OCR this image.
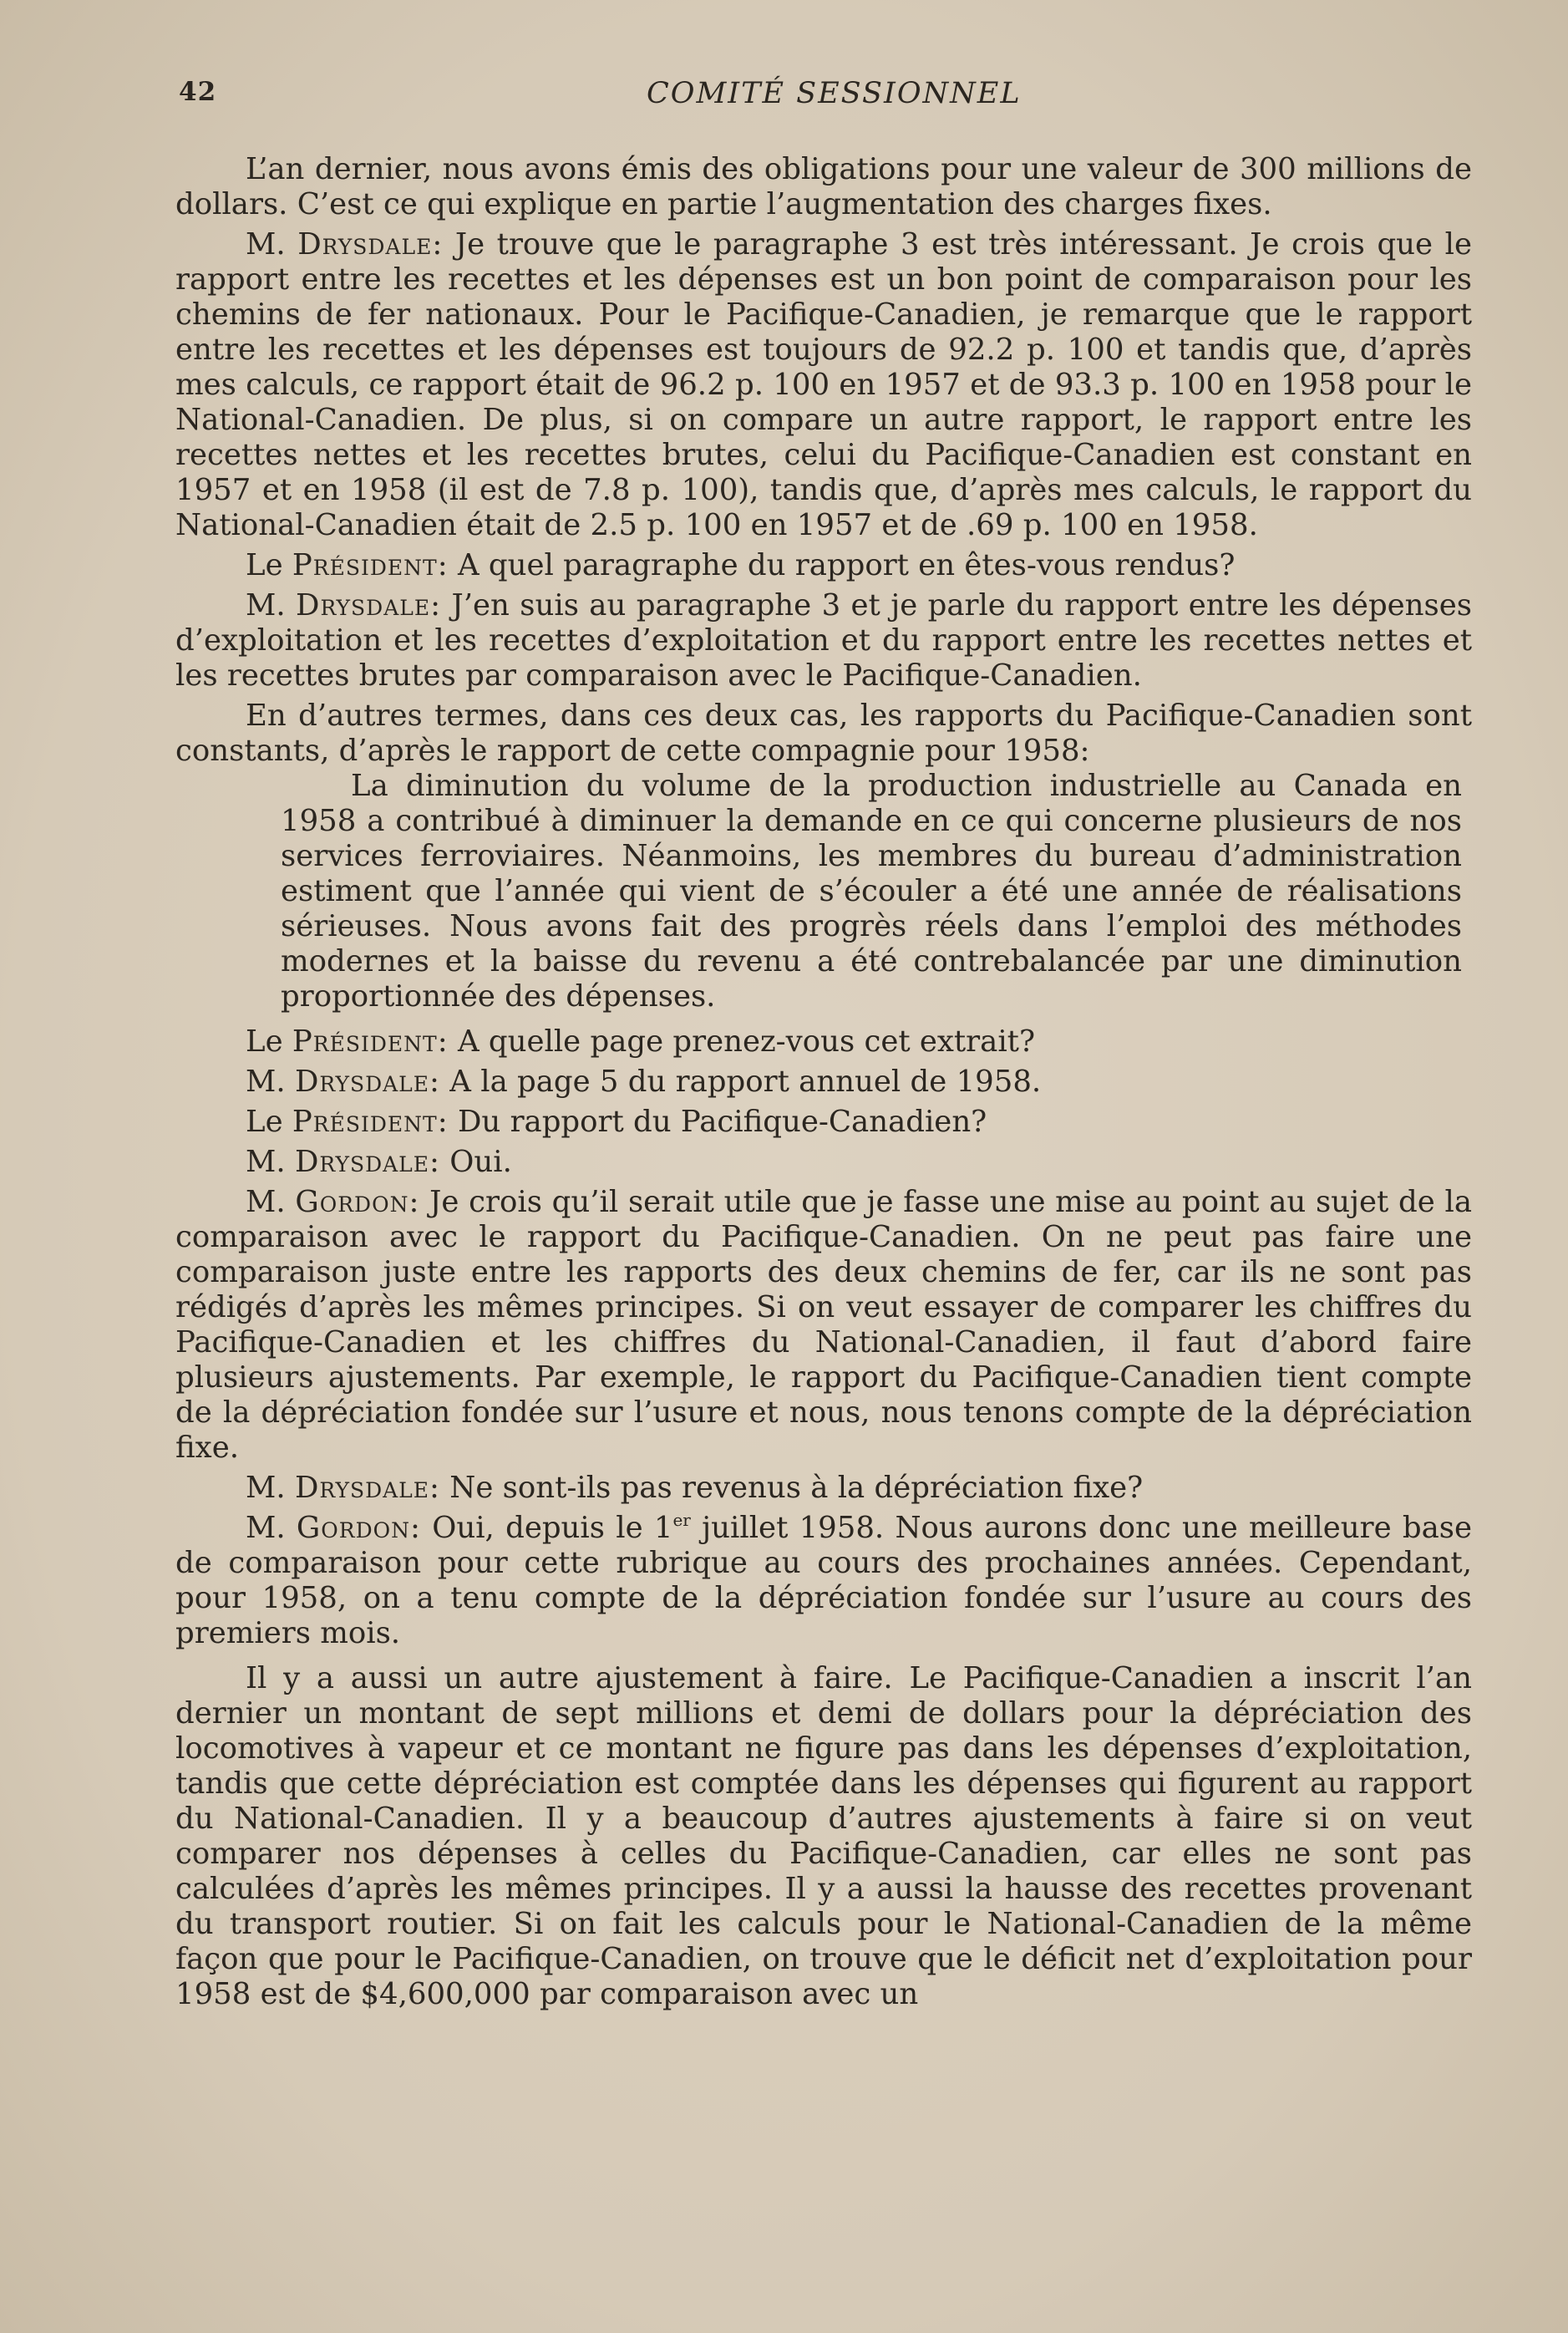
42	COMITÉ SESSIONNEL

L’an dernier, nous avons émis des obligations pour une valeur de 300 millions de dollars. C’est ce qui explique en partie l’augmentation des charges fixes.

M. Drysdale: Je trouve que le paragraphe 3 est très intéressant. Je crois que le rapport entre les recettes et les dépenses est un bon point de comparaison pour les chemins de fer nationaux. Pour le Pacifique-Canadien, je remarque que le rapport entre les recettes et les dépenses est toujours de 92.2 p. 100 et tandis que, d’après mes calculs, ce rapport était de 96.2 p. 100 en 1957 et de 93.3 p. 100 en 1958 pour le National-Canadien. De plus, si on compare un autre rapport, le rapport entre les recettes nettes et les recettes brutes, celui du Pacifique-Canadien est constant en 1957 et en 1958 (il est de 7.8 p. 100), tandis que, d’après mes calculs, le rapport du National-Canadien était de 2.5 p. 100 en 1957 et de .69 p. 100 en 1958.

Le Président: A quel paragraphe du rapport en êtes-vous rendus?

M. Drysdale: J’en suis au paragraphe 3 et je parle du rapport entre les dépenses d’exploitation et les recettes d’exploitation et du rapport entre les recettes nettes et les recettes brutes par comparaison avec le Pacifique-Canadien.

En d’autres termes, dans ces deux cas, les rapports du Pacifique-Canadien sont constants, d’après le rapport de cette compagnie pour 1958:

La diminution du volume de la production industrielle au Canada en 1958 a contribué à diminuer la demande en ce qui concerne plusieurs de nos services ferroviaires. Néanmoins, les membres du bureau d’administration estiment que l’année qui vient de s’écouler a été une année de réalisations sérieuses. Nous avons fait des progrès réels dans l’emploi des méthodes modernes et la baisse du revenu a été contrebalancée par une diminution proportionnée des dépenses.

Le Président: A quelle page prenez-vous cet extrait?

M. Drysdale: A la page 5 du rapport annuel de 1958.

Le Président: Du rapport du Pacifique-Canadien?

M. Drysdale: Oui.

M. Gordon: Je crois qu’il serait utile que je fasse une mise au point au sujet de la comparaison avec le rapport du Pacifique-Canadien. On ne peut pas faire une comparaison juste entre les rapports des deux chemins de fer, car ils ne sont pas rédigés d’après les mêmes principes. Si on veut essayer de comparer les chiffres du Pacifique-Canadien et les chiffres du National-Canadien, il faut d’abord faire plusieurs ajustements. Par exemple, le rapport du Pacifique-Canadien tient compte de la dépréciation fondée sur l’usure et nous, nous tenons compte de la dépréciation fixe.

M. Drysdale: Ne sont-ils pas revenus à la dépréciation fixe?

M. Gordon: Oui, depuis le 1er juillet 1958. Nous aurons donc une meilleure base de comparaison pour cette rubrique au cours des prochaines années. Cependant, pour 1958, on a tenu compte de la dépréciation fondée sur l’usure au cours des premiers mois.

Il y a aussi un autre ajustement à faire. Le Pacifique-Canadien a inscrit l’an dernier un montant de sept millions et demi de dollars pour la dépréciation des locomotives à vapeur et ce montant ne figure pas dans les dépenses d’exploitation, tandis que cette dépréciation est comptée dans les dépenses qui figurent au rapport du National-Canadien. Il y a beaucoup d’autres ajustements à faire si on veut comparer nos dépenses à celles du Pacifique-Canadien, car elles ne sont pas calculées d’après les mêmes principes. Il y a aussi la hausse des recettes provenant du transport routier. Si on fait les calculs pour le National-Canadien de la même façon que pour le Pacifique-Canadien, on trouve que le déficit net d’exploitation pour 1958 est de $4,600,000 par comparaison avec un
